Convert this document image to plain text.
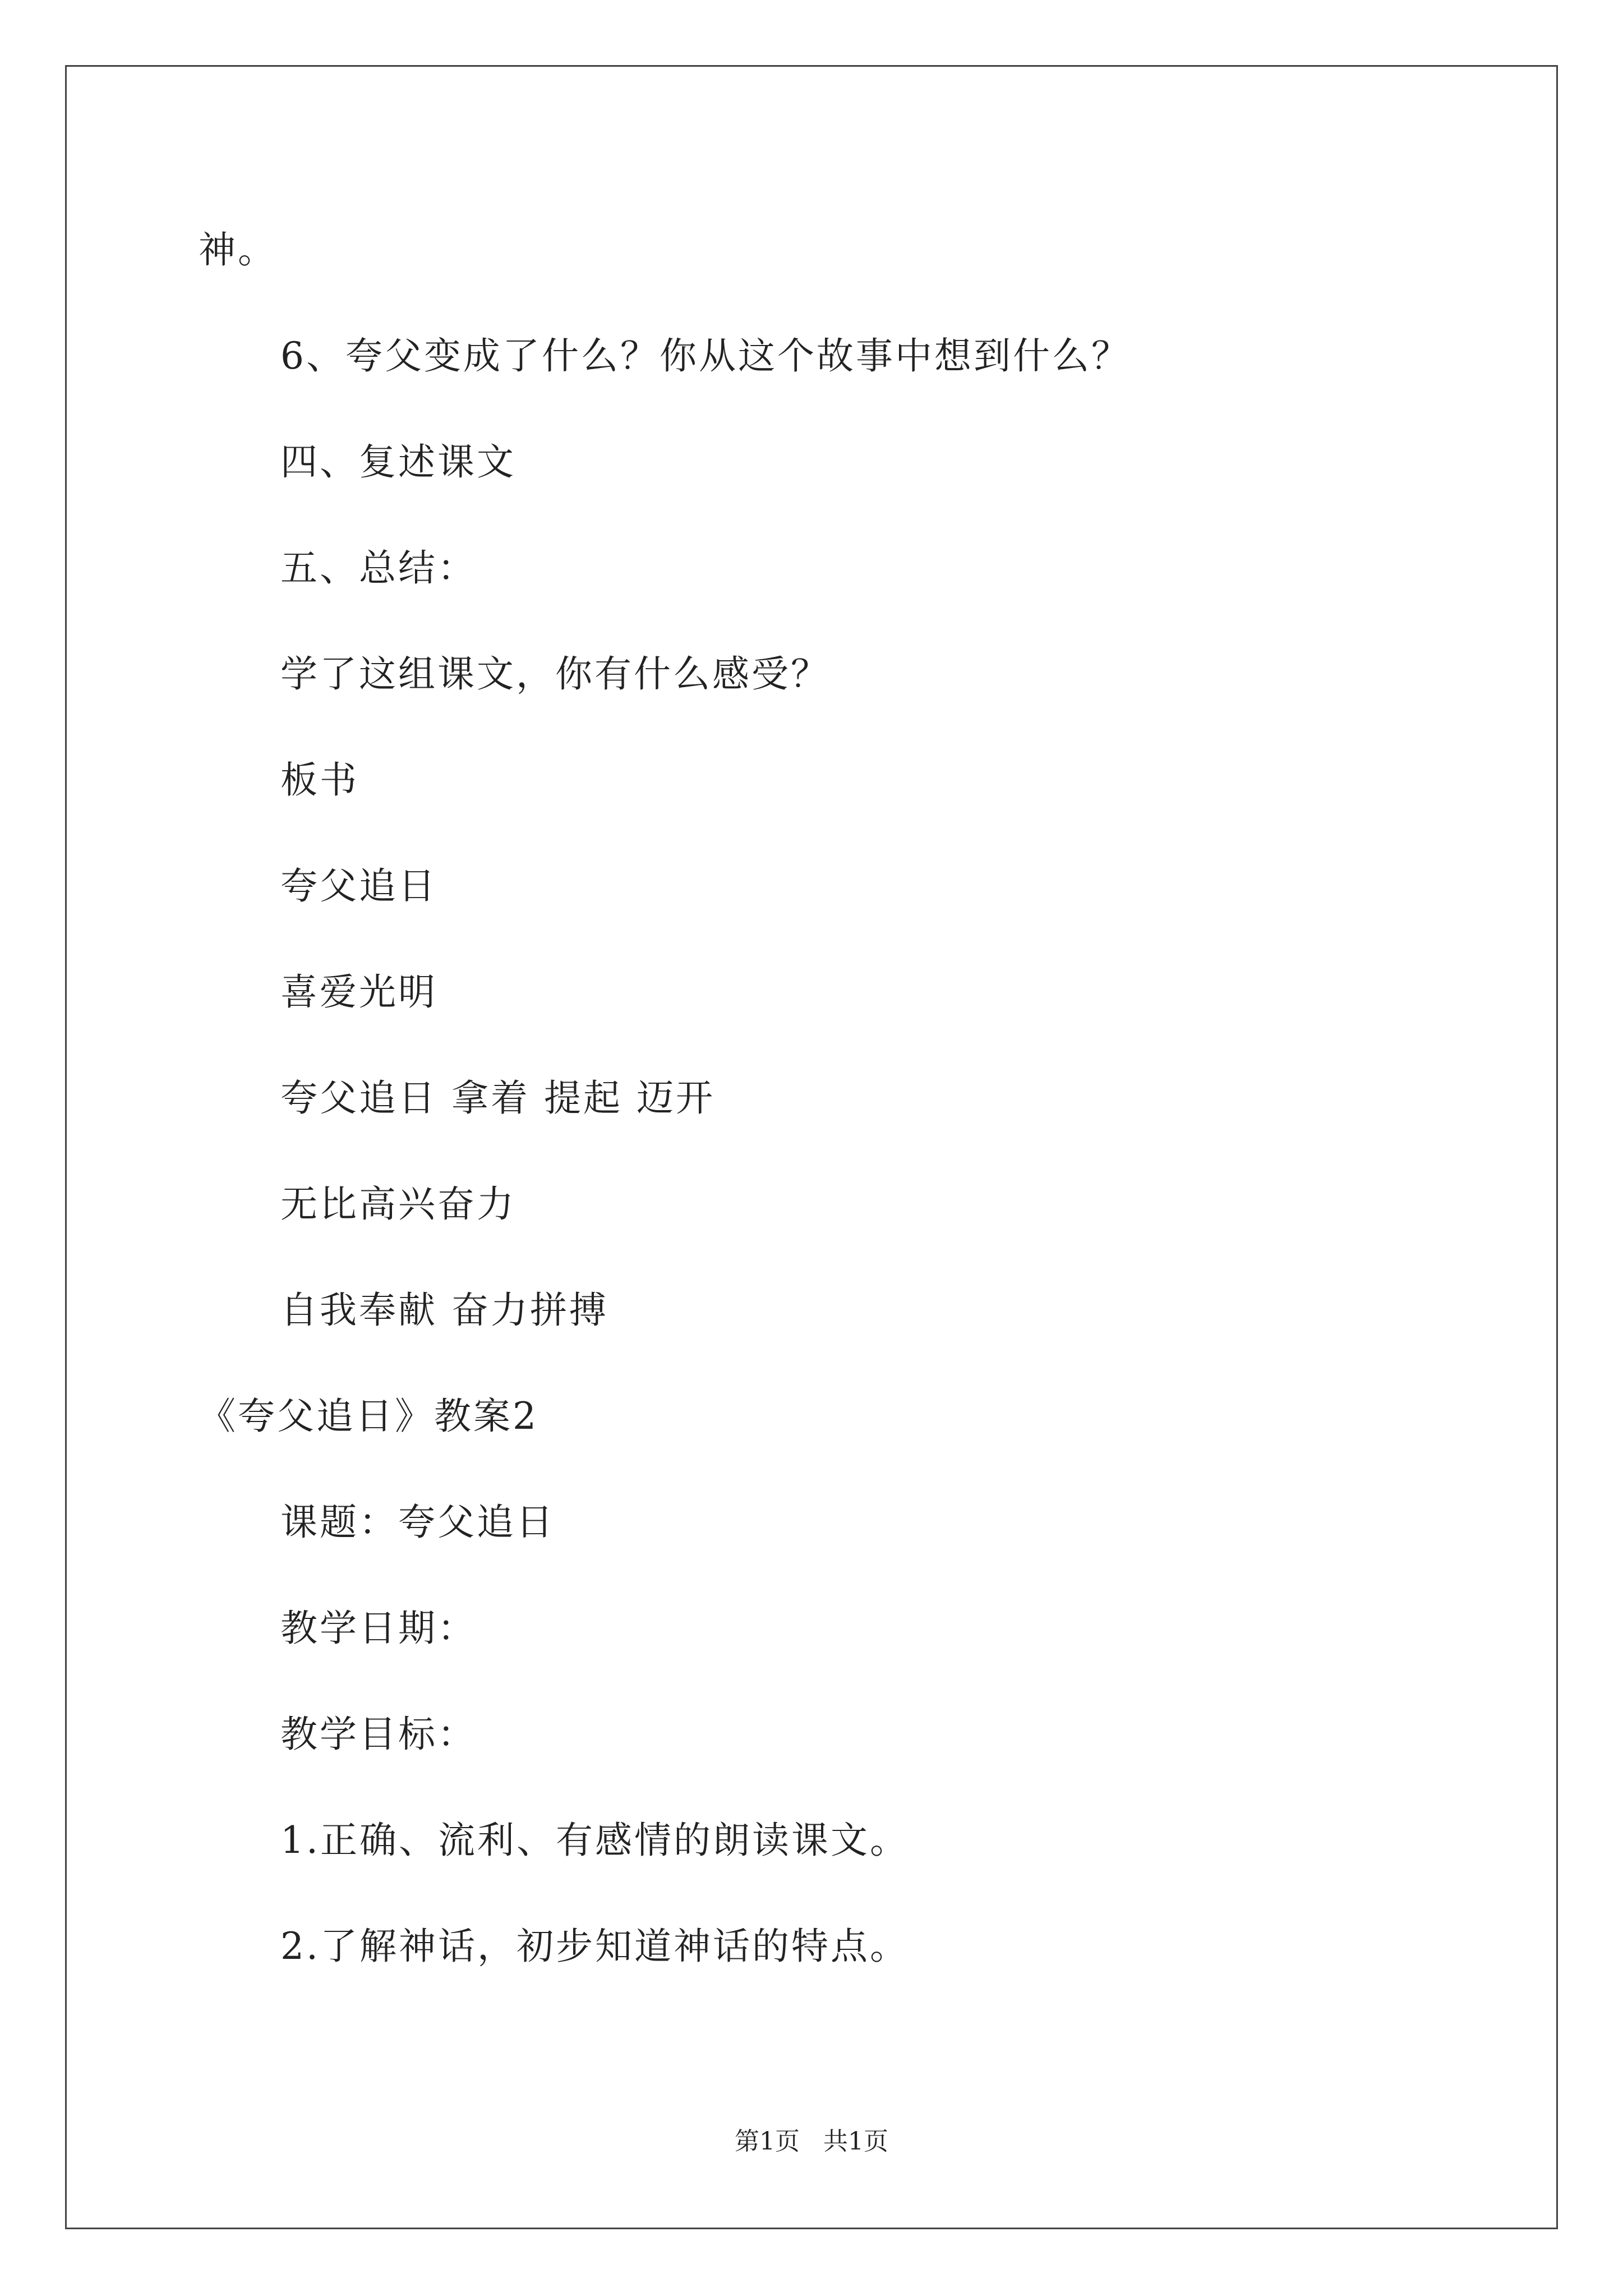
神。
6、夸父变成了什么？你从这个故事中想到什么？
四、复述课文
五、总结：
学了这组课文，你有什么感受？
板书
夸父追日
喜爱光明
夸父追日 拿着 提起 迈开
无比高兴奋力
自我奉献 奋力拼搏
《夸父追日》教案2
课题：夸父追日
教学日期：
教学目标：
1.正确、流利、有感情的朗读课文。
2.了解神话，初步知道神话的特点。
第1页   共1页
